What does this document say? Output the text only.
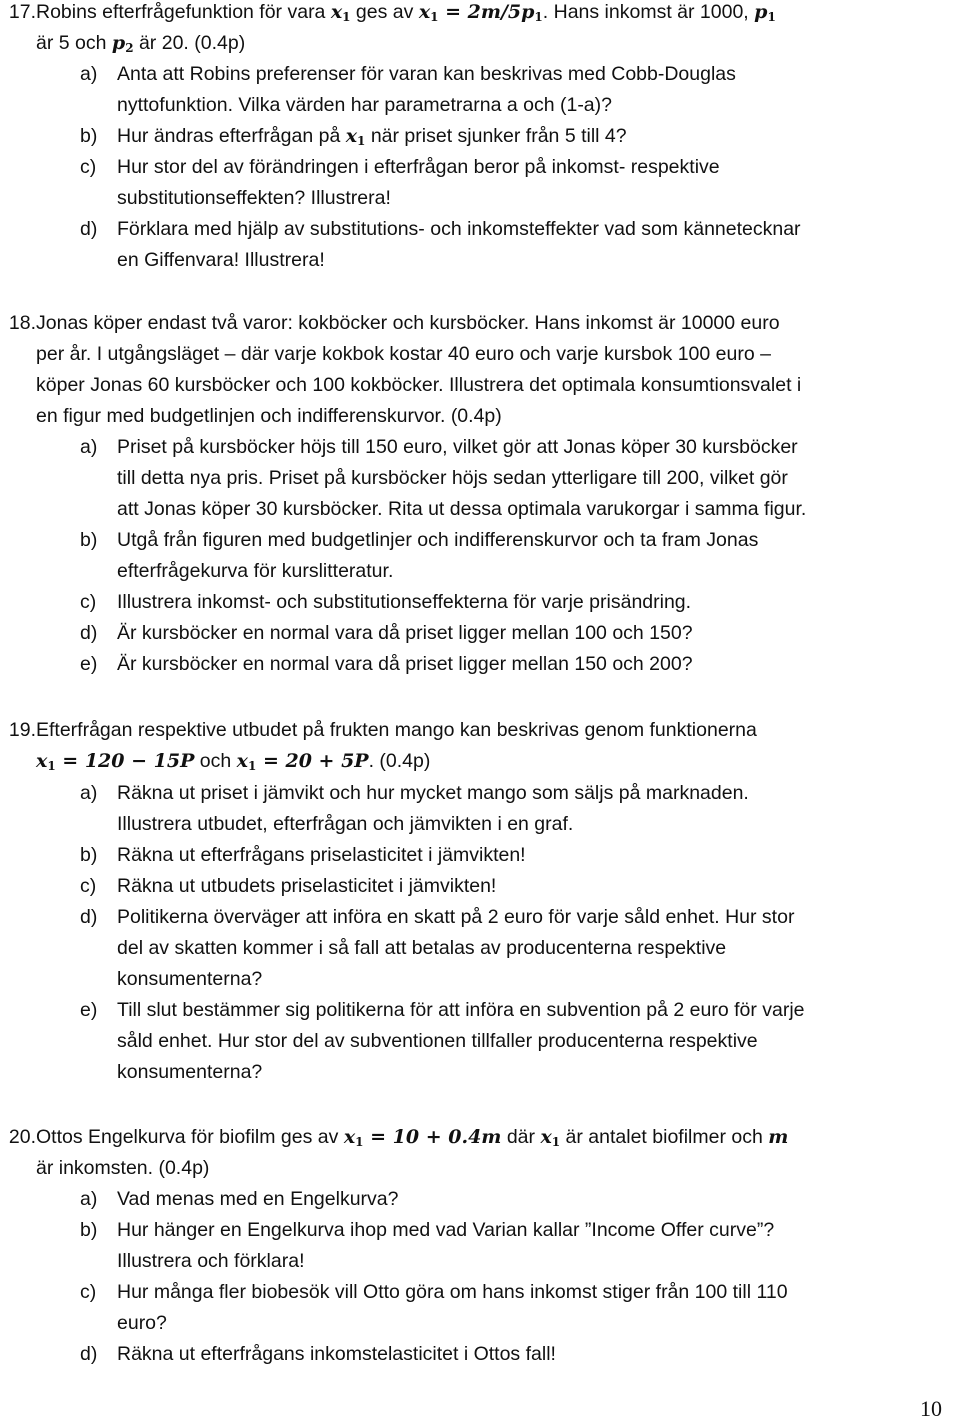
17. Robins efterfrågefunktion för vara $x_1$ ges av $x_1 = 2m/5p_1$. Hans inkomst är 1000, $p_1$
är 5 och $p_2$ är 20. (0.4p)
a) Anta att Robins preferenser för varan kan beskrivas med Cobb-Douglas
nyttofunktion. Vilka värden har parametrarna a och (1-a)?
b) Hur ändras efterfrågan på $x_1$ när priset sjunker från 5 till 4?
c) Hur stor del av förändringen i efterfrågan beror på inkomst- respektive
substitutionseffekten? Illustrera!
d) Förklara med hjälp av substitutions- och inkomsteffekter vad som kännetecknar
en Giffenvara! Illustrera!
18. Jonas köper endast två varor: kokböcker och kursböcker. Hans inkomst är 10000 euro
per år. I utgångsläget – där varje kokbok kostar 40 euro och varje kursbok 100 euro –
köper Jonas 60 kursböcker och 100 kokböcker. Illustrera det optimala konsumtionsvalet i
en figur med budgetlinjen och indifferenskurvor. (0.4p)
a) Priset på kursböcker höjs till 150 euro, vilket gör att Jonas köper 30 kursböcker
till detta nya pris. Priset på kursböcker höjs sedan ytterligare till 200, vilket gör
att Jonas köper 30 kursböcker. Rita ut dessa optimala varukorgar i samma figur.
b) Utgå från figuren med budgetlinjer och indifferenskurvor och ta fram Jonas
efterfrågekurva för kurslitteratur.
c) Illustrera inkomst- och substitutionseffekterna för varje prisändring.
d) Är kursböcker en normal vara då priset ligger mellan 100 och 150?
e) Är kursböcker en normal vara då priset ligger mellan 150 och 200?
19. Efterfrågan respektive utbudet på frukten mango kan beskrivas genom funktionerna
$x_1 = 120 - 15P$ och $x_1 = 20 + 5P$. (0.4p)
a) Räkna ut priset i jämvikt och hur mycket mango som säljs på marknaden.
Illustrera utbudet, efterfrågan och jämvikten i en graf.
b) Räkna ut efterfrågans priselasticitet i jämvikten!
c) Räkna ut utbudets priselasticitet i jämvikten!
d) Politikerna överväger att införa en skatt på 2 euro för varje såld enhet. Hur stor
del av skatten kommer i så fall att betalas av producenterna respektive
konsumenterna?
e) Till slut bestämmer sig politikerna för att införa en subvention på 2 euro för varje
såld enhet. Hur stor del av subventionen tillfaller producenterna respektive
konsumenterna?
20. Ottos Engelkurva för biofilm ges av $x_1 = 10 + 0.4m$ där $x_1$ är antalet biofilmer och m
är inkomsten. (0.4p)
a) Vad menas med en Engelkurva?
b) Hur hänger en Engelkurva ihop med vad Varian kallar ”Income Offer curve”?
Illustrera och förklara!
c) Hur många fler biobesök vill Otto göra om hans inkomst stiger från 100 till 110
euro?
d) Räkna ut efterfrågans inkomstelasticitet i Ottos fall!
10
